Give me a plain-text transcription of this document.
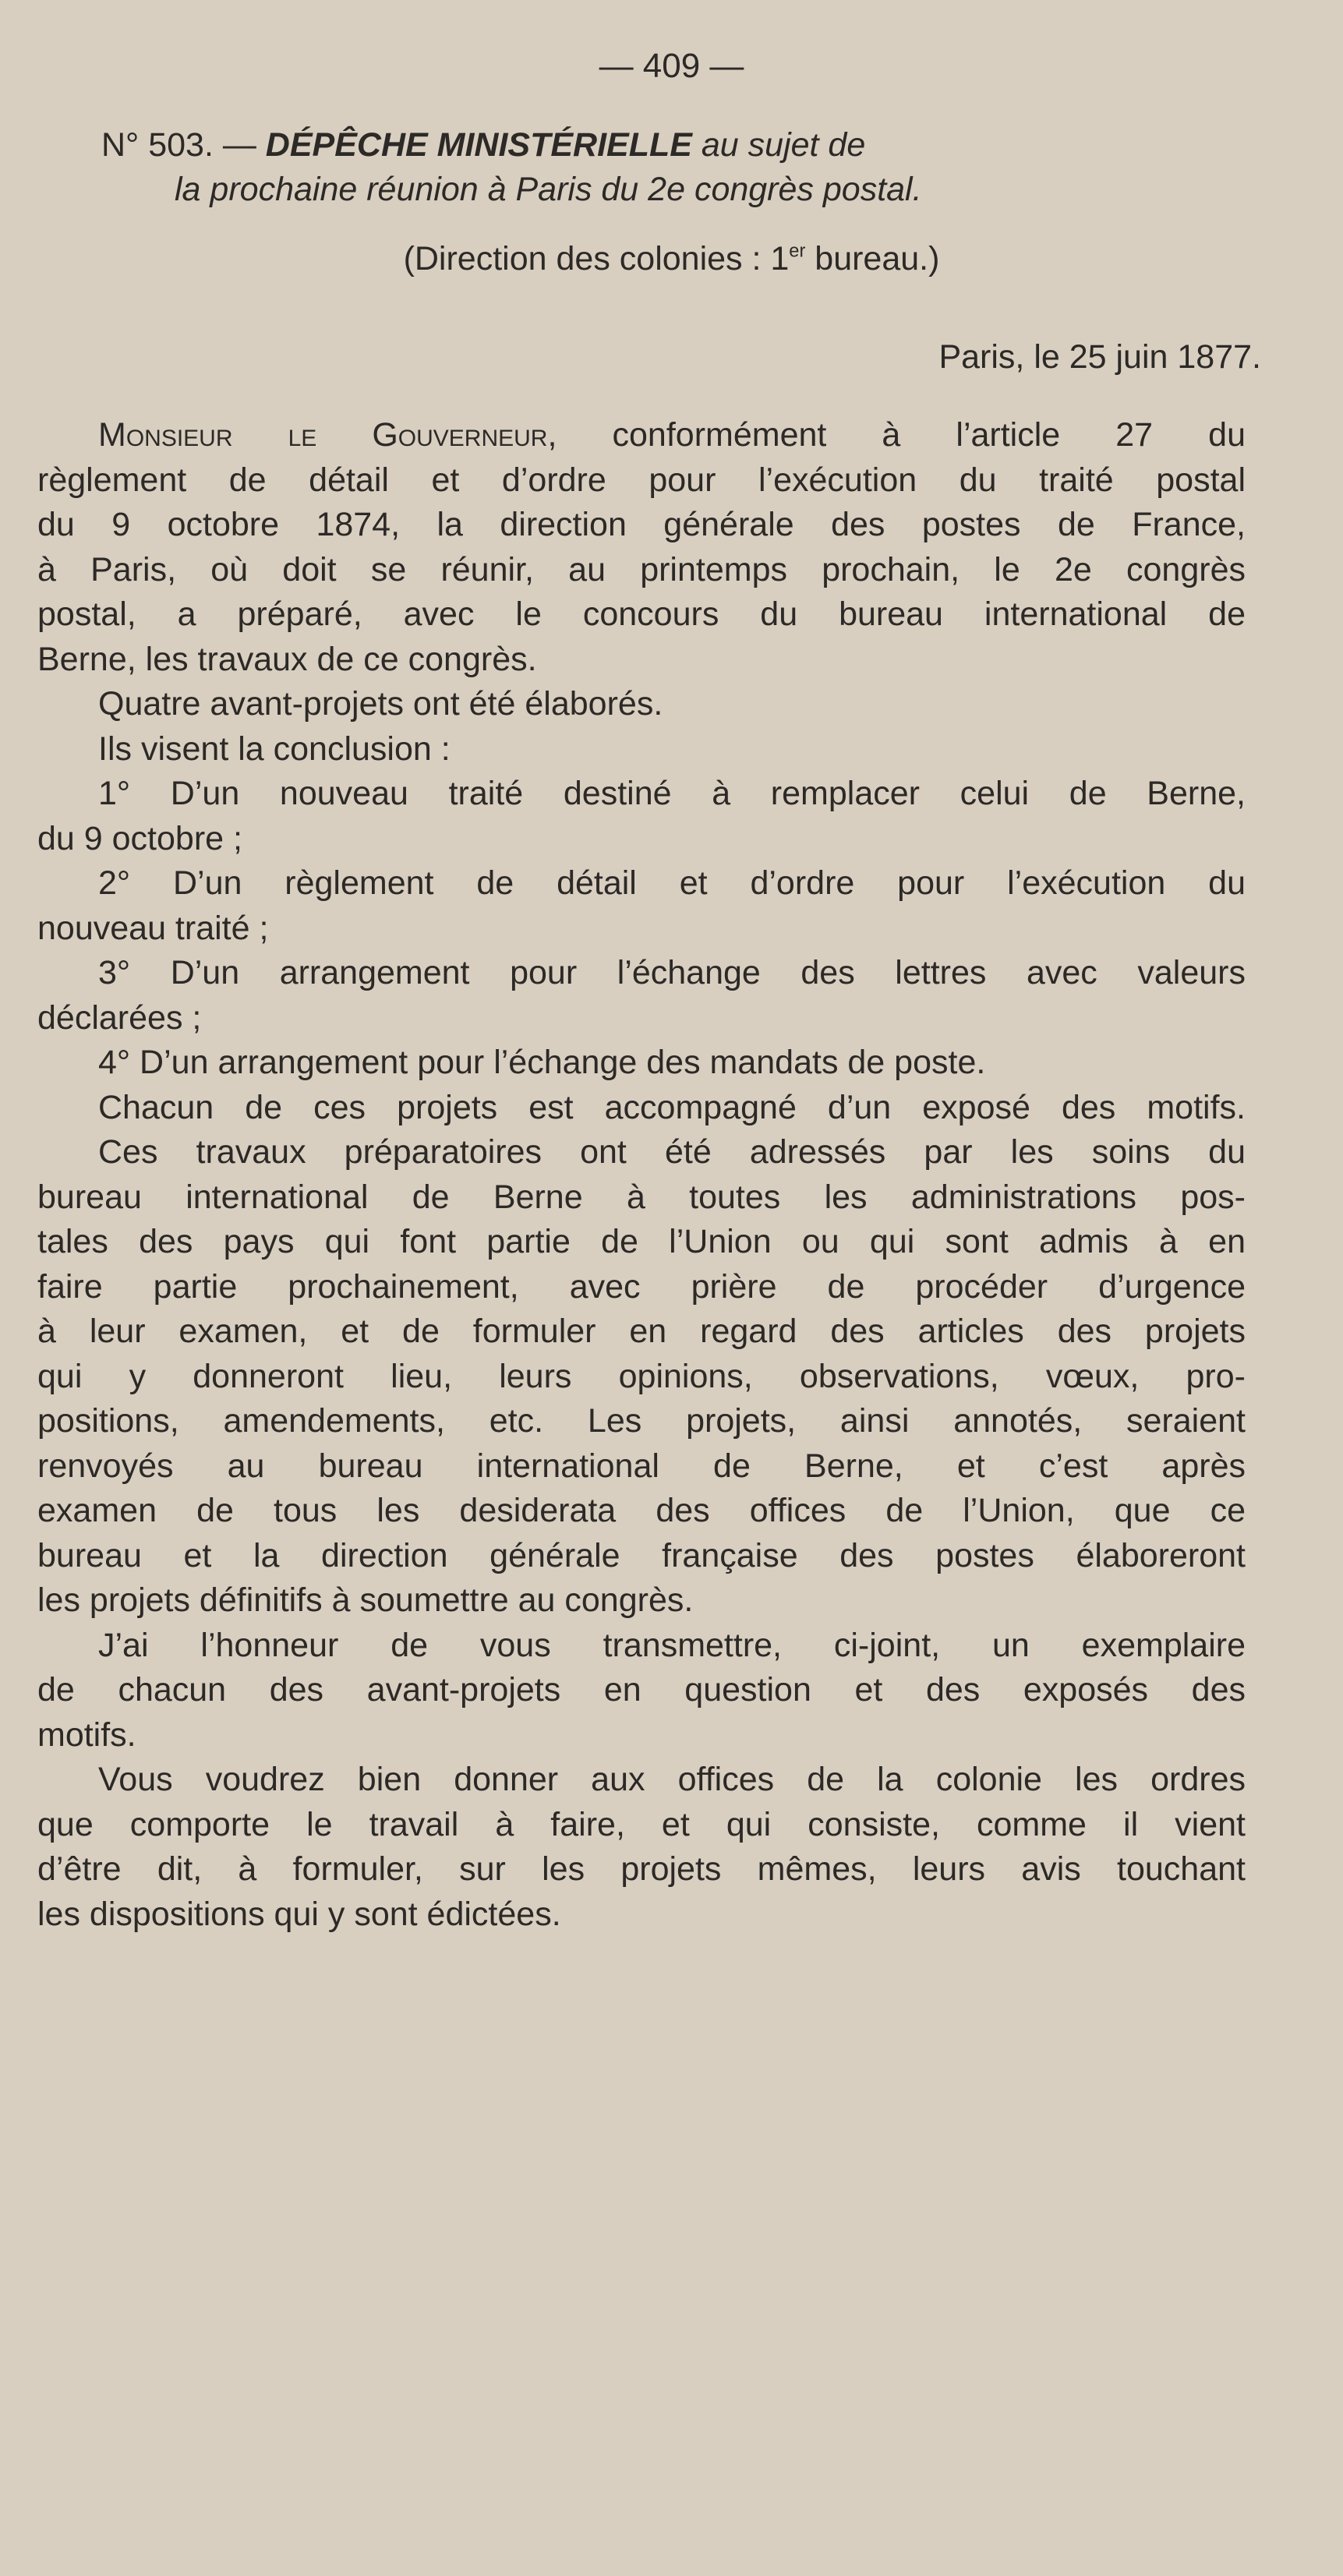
— 409 —
N° 503. — DÉPÊCHE MINISTÉRIELLE au sujet de
la prochaine réunion à Paris du 2e congrès postal.
(Direction des colonies : 1er bureau.)
Paris, le 25 juin 1877.
Monsieur le Gouverneur, conformément à l’article 27 du
règlement de détail et d’ordre pour l’exécution du traité postal
du 9 octobre 1874, la direction générale des postes de France,
à Paris, où doit se réunir, au printemps prochain, le 2e congrès
postal, a préparé, avec le concours du bureau international de
Berne, les travaux de ce congrès.
Quatre avant-projets ont été élaborés.
Ils visent la conclusion :
1° D’un nouveau traité destiné à remplacer celui de Berne,
du 9 octobre ;
2° D’un règlement de détail et d’ordre pour l’exécution du
nouveau traité ;
3° D’un arrangement pour l’échange des lettres avec valeurs
déclarées ;
4° D’un arrangement pour l’échange des mandats de poste.
Chacun de ces projets est accompagné d’un exposé des motifs.
Ces travaux préparatoires ont été adressés par les soins du
bureau international de Berne à toutes les administrations pos-
tales des pays qui font partie de l’Union ou qui sont admis à en
faire partie prochainement, avec prière de procéder d’urgence
à leur examen, et de formuler en regard des articles des projets
qui y donneront lieu, leurs opinions, observations, vœux, pro-
positions, amendements, etc. Les projets, ainsi annotés, seraient
renvoyés au bureau international de Berne, et c’est après
examen de tous les desiderata des offices de l’Union, que ce
bureau et la direction générale française des postes élaboreront
les projets définitifs à soumettre au congrès.
J’ai l’honneur de vous transmettre, ci-joint, un exemplaire
de chacun des avant-projets en question et des exposés des
motifs.
Vous voudrez bien donner aux offices de la colonie les ordres
que comporte le travail à faire, et qui consiste, comme il vient
d’être dit, à formuler, sur les projets mêmes, leurs avis touchant
les dispositions qui y sont édictées.
